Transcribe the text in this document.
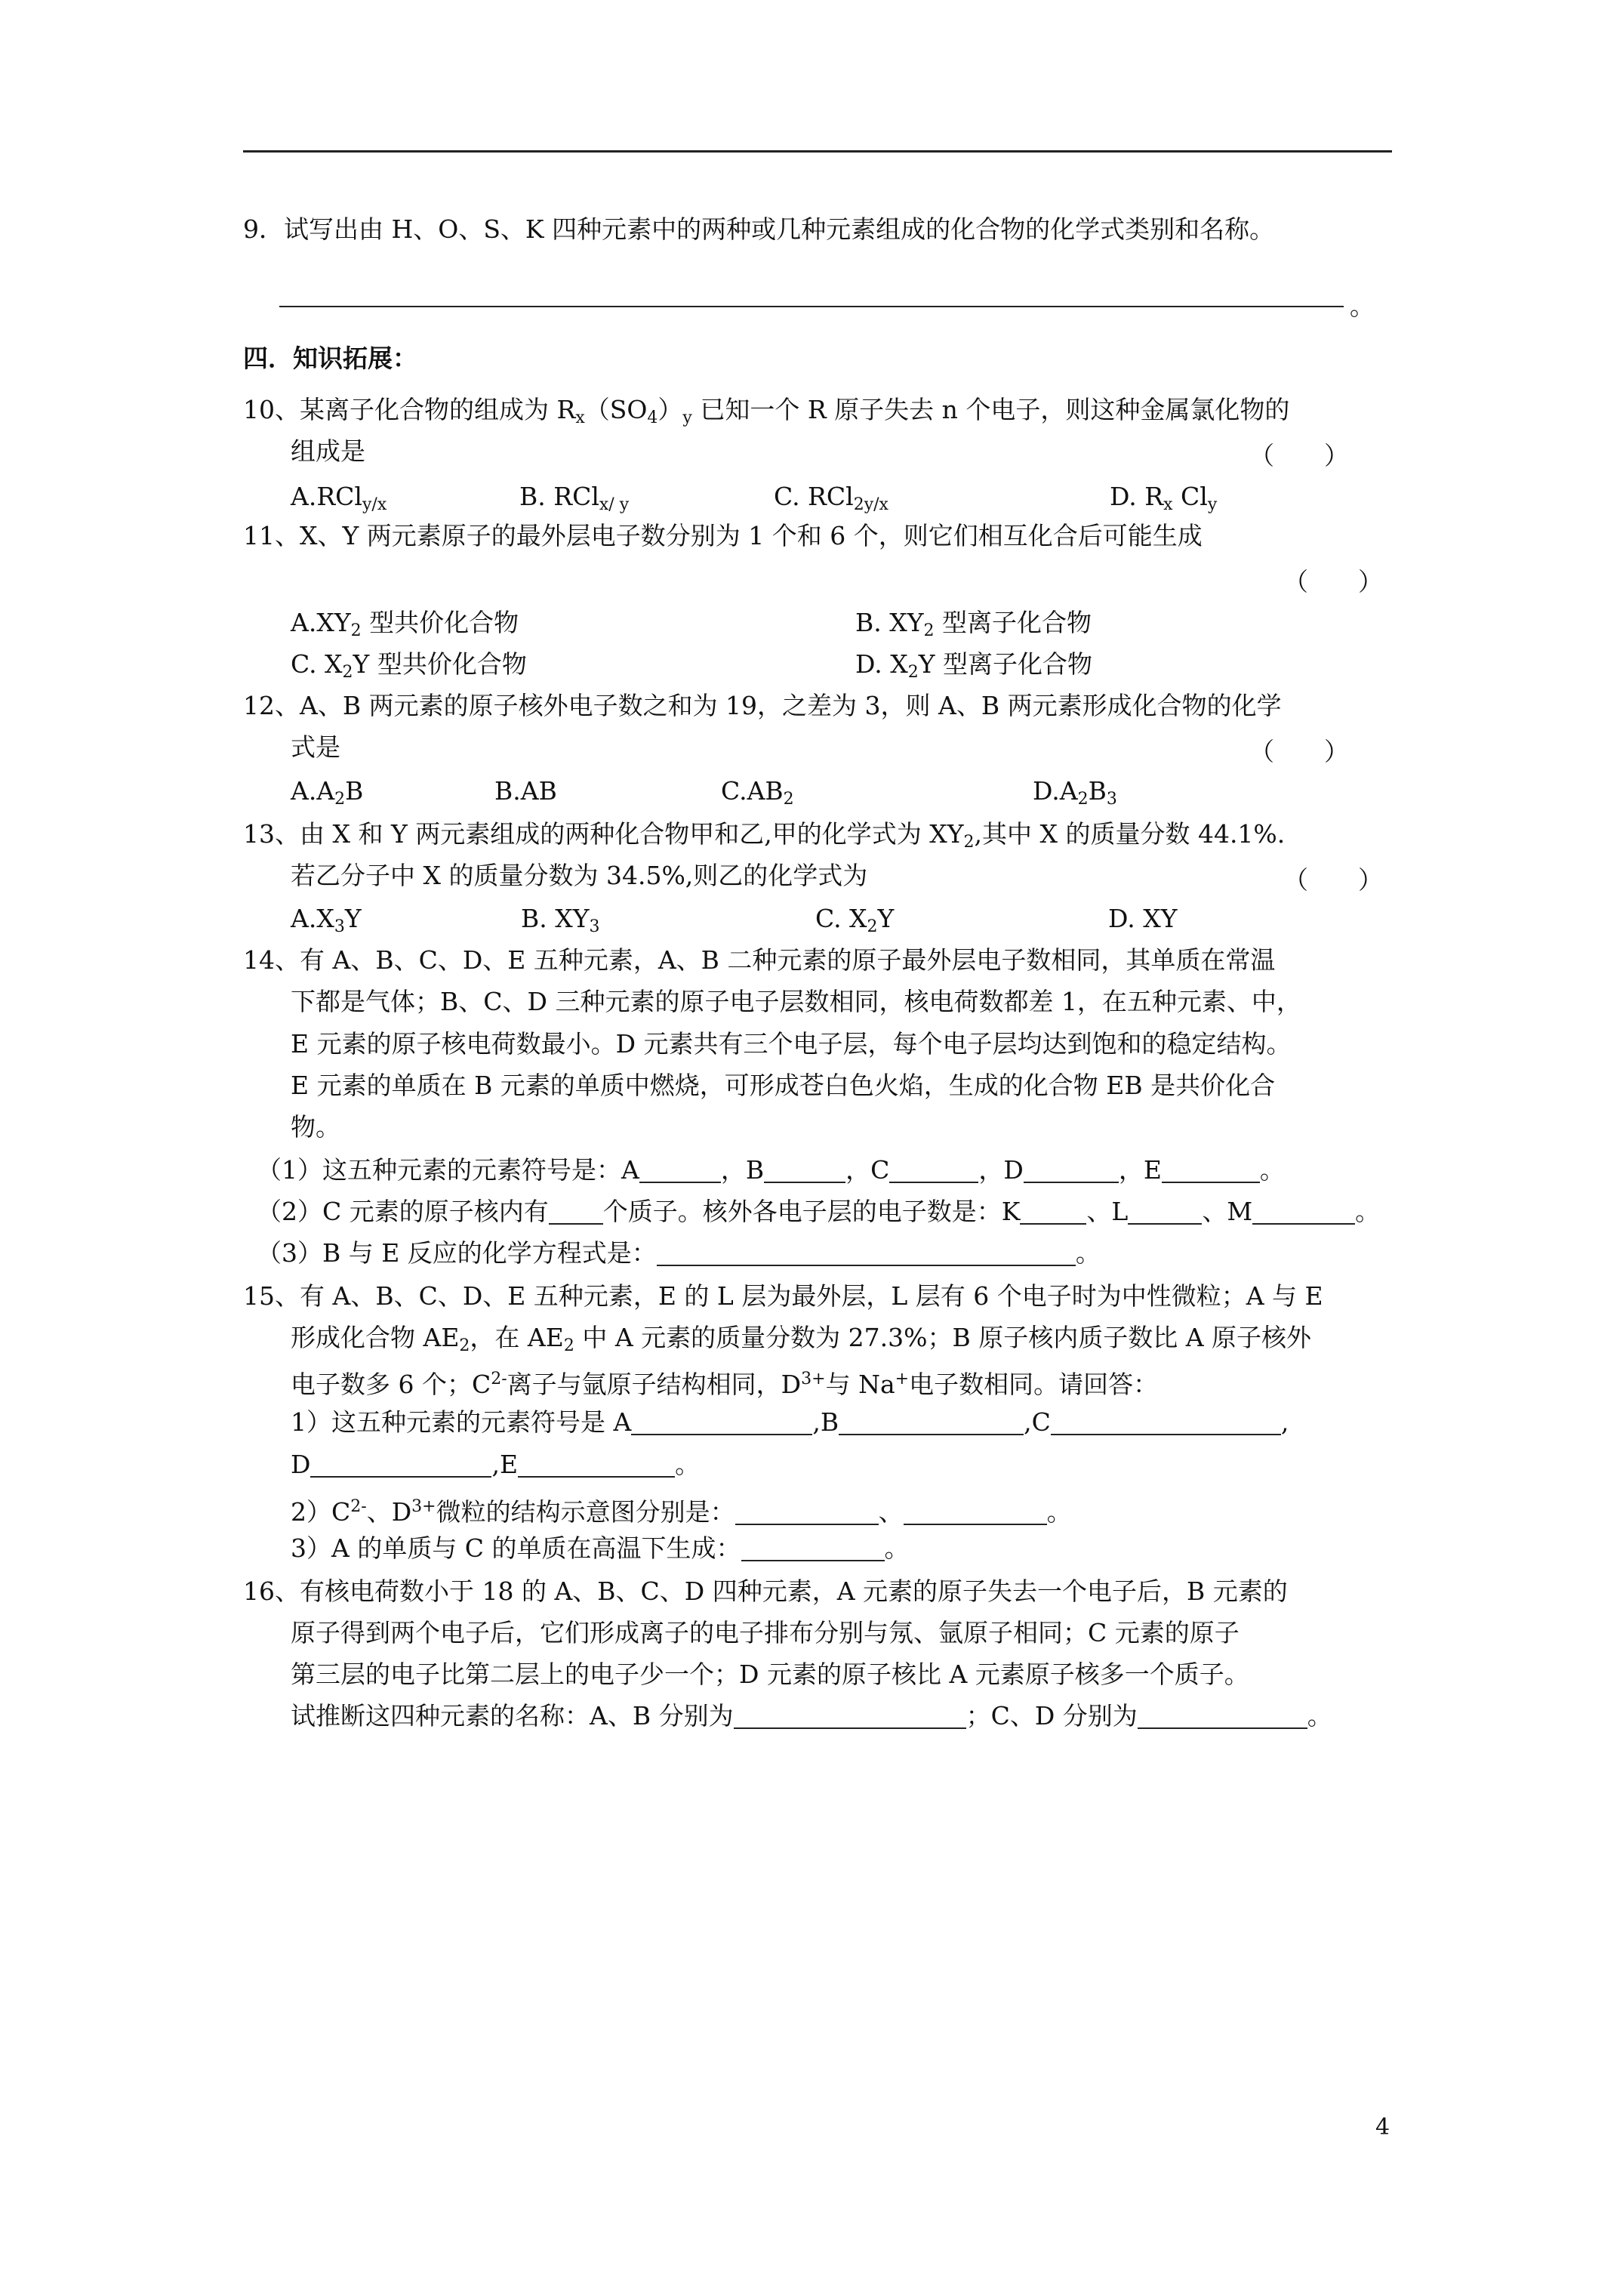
9．试写出由 H、O、S、K 四种元素中的两种或几种元素组成的化合物的化学式类别和名称。
。
四．知识拓展：
10、某离子化合物的组成为 $R_x(SO_4)_y$ 已知一个 R 原子失去 n 个电子，则这种金属氯化物的
组成是	（　　）
A.RCl$_{y/x}$	B. RCl$_{x/ y}$	C. RCl$_{2y/x}$	D. $R_x$ $Cl_y$
11、X、Y 两元素原子的最外层电子数分别为 1 个和 6 个，则它们相互化合后可能生成
（　　）
$A.XY_2$ 型共价化合物	B. $XY_2$ 型离子化合物
C. $X_2Y$ 型共价化合物	D. $X_2Y$ 型离子化合物
12、A、B 两元素的原子核外电子数之和为 19，之差为 3，则 A、B 两元素形成化合物的化学
式是	（　　）
$A.A_2B$	B.AB	$C.AB_2$	$D.A_2B_3$
13、由 X 和 Y 两元素组成的两种化合物甲和乙,甲的化学式为 $XY_2$,其中 X 的质量分数 44.1%.
若乙分子中 X 的质量分数为 34.5%,则乙的化学式为	（　　）
$A.X_3Y$	B. $XY_3$	C. $X_2Y$	D. XY
14、有 A、B、C、D、E 五种元素，A、B 二种元素的原子最外层电子数相同，其单质在常温
下都是气体；B、C、D 三种元素的原子电子层数相同，核电荷数都差 1，在五种元素、中，
E 元素的原子核电荷数最小。D 元素共有三个电子层，每个电子层均达到饱和的稳定结构。
E 元素的单质在 B 元素的单质中燃烧，可形成苍白色火焰，生成的化合物 EB 是共价化合
物。
（1）这五种元素的元素符号是：A	，B	，C	，D	，E	。
（2）C 元素的原子核内有 个质子。核外各电子层的电子数是：K	、L	、M	。
（3）B 与 E 反应的化学方程式是：	。
15、有 A、B、C、D、E 五种元素，E 的 L 层为最外层，L 层有 6 个电子时为中性微粒；A 与 E
形成化合物 $AE_2$，在 $AE_2$ 中 A 元素的质量分数为 27.3%；B 原子核内质子数比 A 原子核外
电子数多 6 个；$C^{2-}$离子与氩原子结构相同，$D^{3+}$与 Na+电子数相同。请回答：
1）这五种元素的元素符号是 A	,B	,C	,
D	,E	。
$2)C^{2-}$、$D^{3+}$微粒的结构示意图分别是：	、	。
3）A 的单质与 C 的单质在高温下生成：	。
16、有核电荷数小于 18 的 A、B、C、D 四种元素，A 元素的原子失去一个电子后，B 元素的
原子得到两个电子后，它们形成离子的电子排布分别与氖、氩原子相同；C 元素的原子
第三层的电子比第二层上的电子少一个；D 元素的原子核比 A 元素原子核多一个质子。
试推断这四种元素的名称：A、B 分别为	；C、D 分别为	。
4
